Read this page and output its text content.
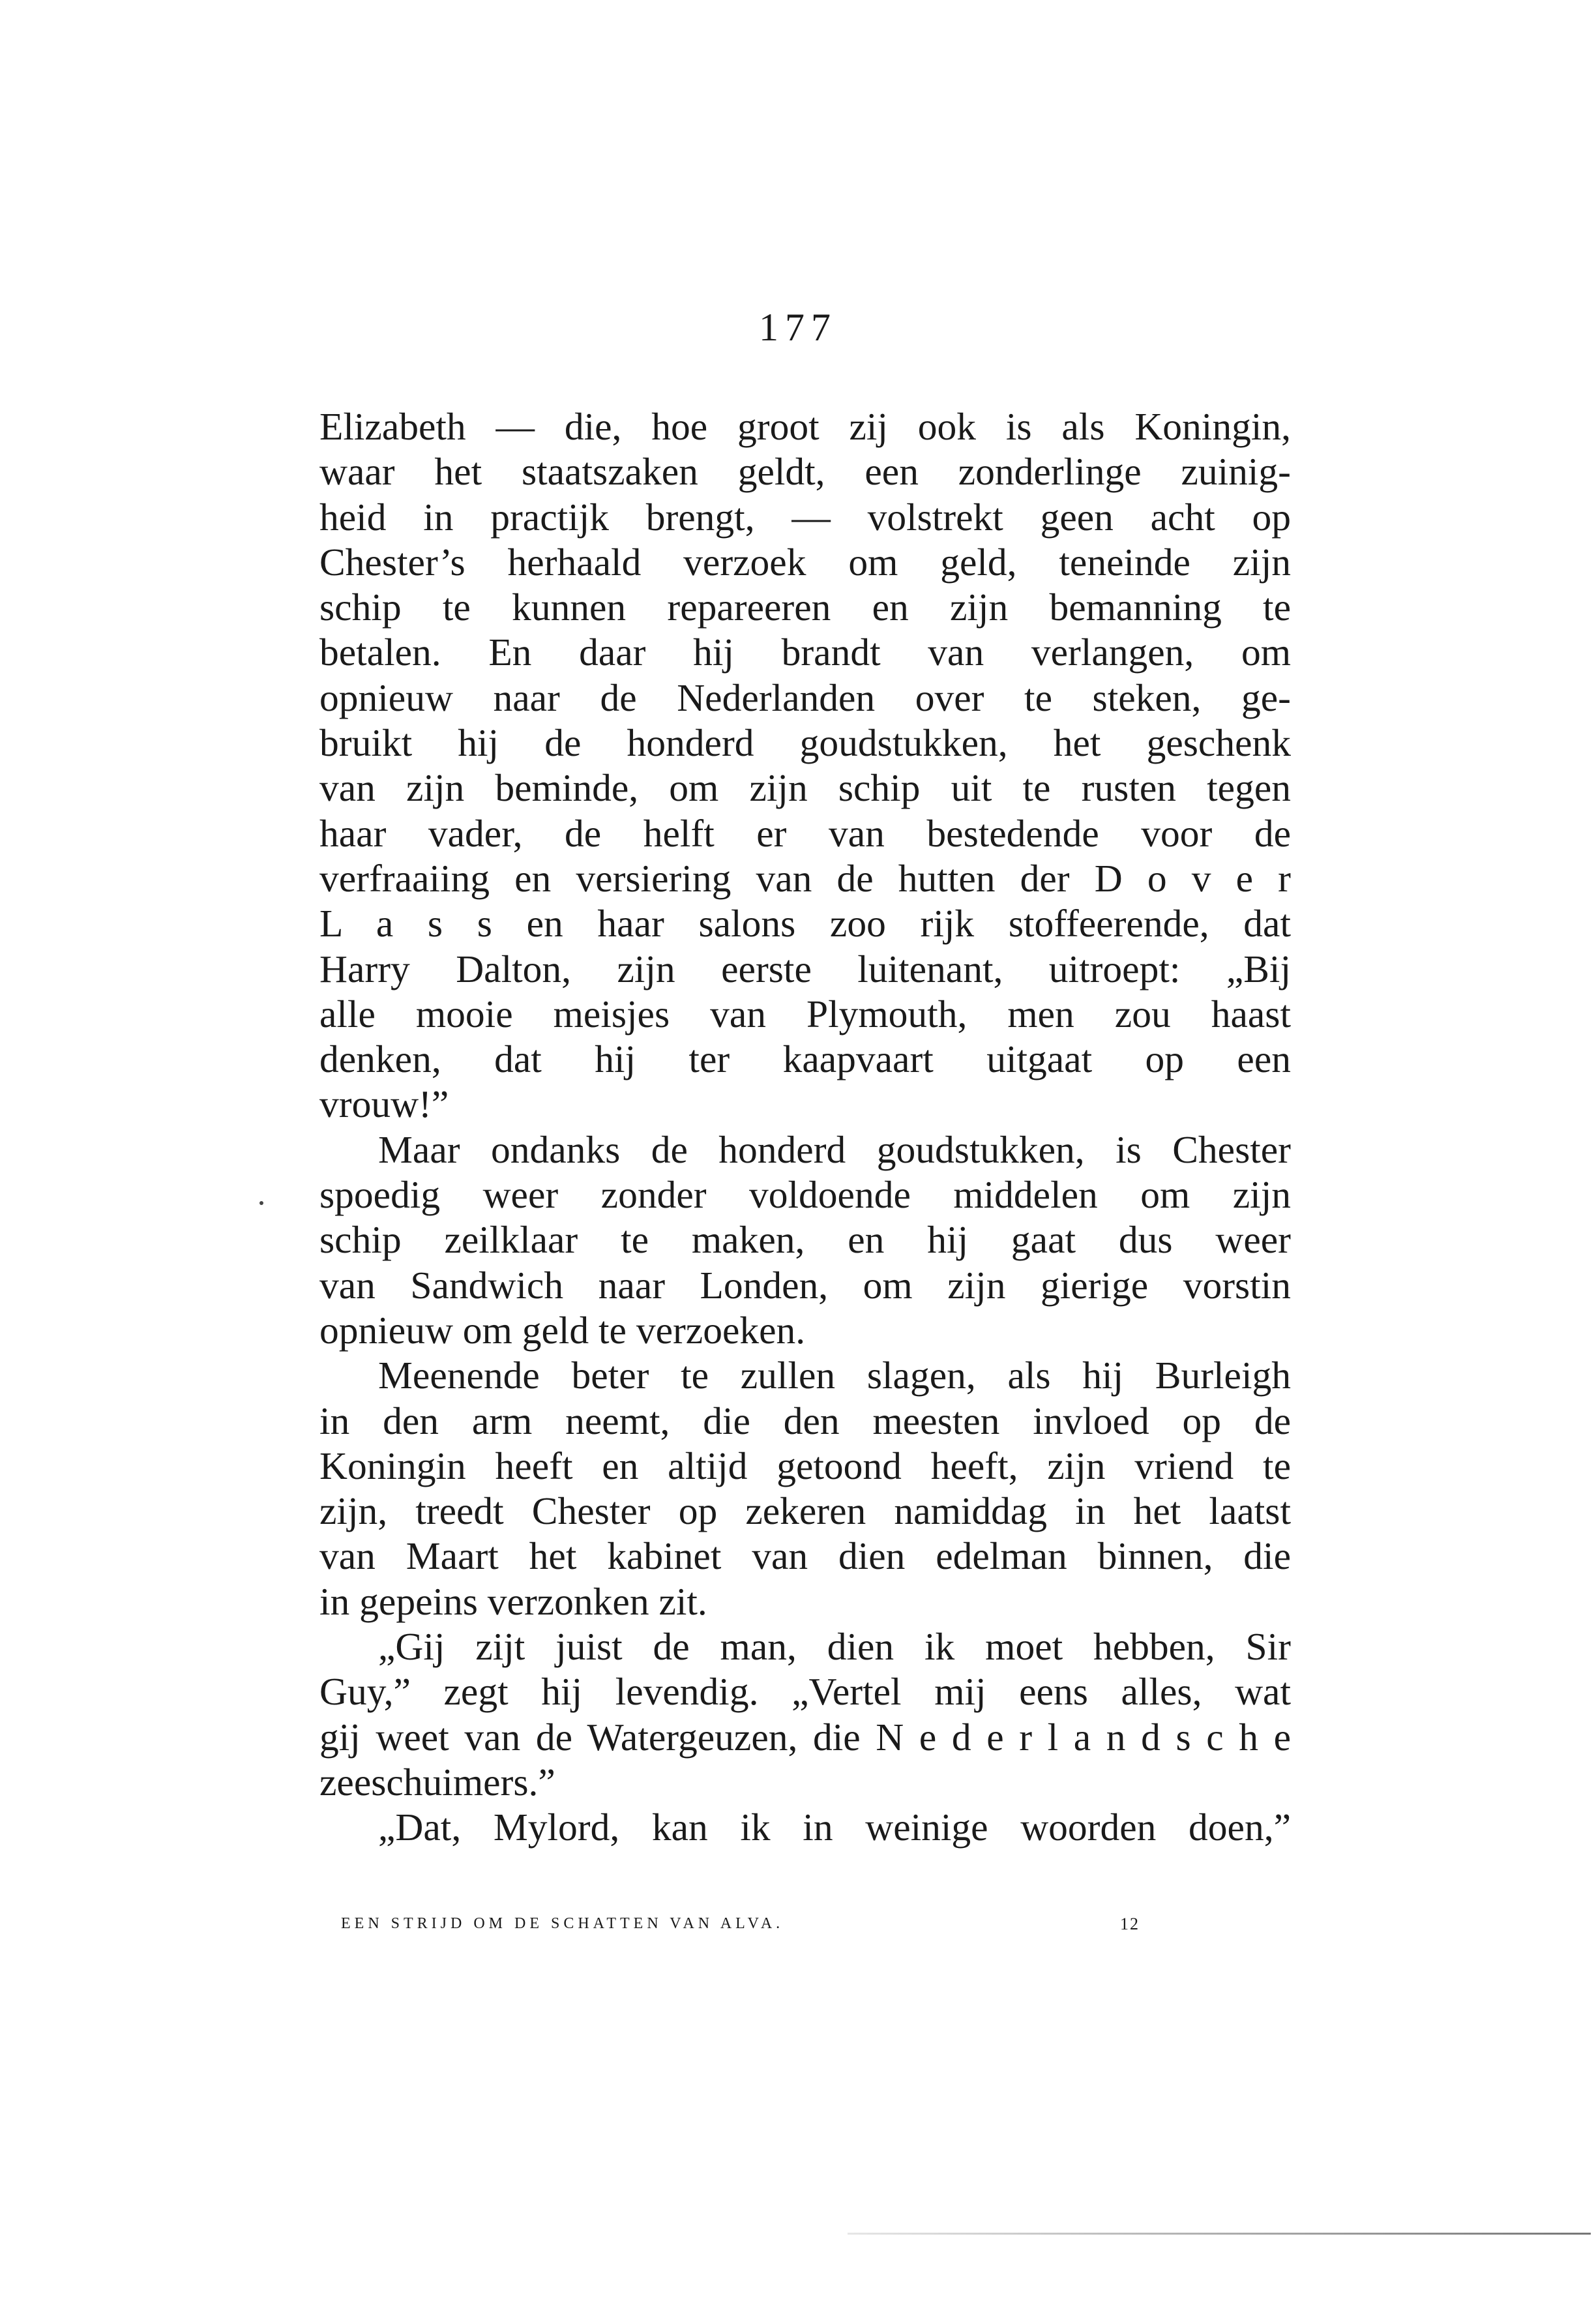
177
Elizabeth — die, hoe groot zij ook is als Koningin,
waar het staatszaken geldt, een zonderlinge zuinig-
heid in practijk brengt, — volstrekt geen acht op
Chester’s herhaald verzoek om geld, teneinde zijn
schip te kunnen repareeren en zijn bemanning te
betalen. En daar hij brandt van verlangen, om
opnieuw naar de Nederlanden over te steken, ge-
bruikt hij de honderd goudstukken, het geschenk
van zijn beminde, om zijn schip uit te rusten tegen
haar vader, de helft er van bestedende voor de
verfraaiing en versiering van de hutten der D o v e r
L a s s en haar salons zoo rijk stoffeerende, dat
Harry Dalton, zijn eerste luitenant, uitroept: „Bij
alle mooie meisjes van Plymouth, men zou haast
denken, dat hij ter kaapvaart uitgaat op een
vrouw!”
Maar ondanks de honderd goudstukken, is Chester
spoedig weer zonder voldoende middelen om zijn
schip zeilklaar te maken, en hij gaat dus weer
van Sandwich naar Londen, om zijn gierige vorstin
opnieuw om geld te verzoeken.
Meenende beter te zullen slagen, als hij Burleigh
in den arm neemt, die den meesten invloed op de
Koningin heeft en altijd getoond heeft, zijn vriend te
zijn, treedt Chester op zekeren namiddag in het laatst
van Maart het kabinet van dien edelman binnen, die
in gepeins verzonken zit.
„Gij zijt juist de man, dien ik moet hebben, Sir
Guy,” zegt hij levendig. „Vertel mij eens alles, wat
gij weet van de Watergeuzen, die N e d e r l a n d s c h e
zeeschuimers.”
„Dat, Mylord, kan ik in weinige woorden doen,”
EEN STRIJD OM DE SCHATTEN VAN ALVA.	12
